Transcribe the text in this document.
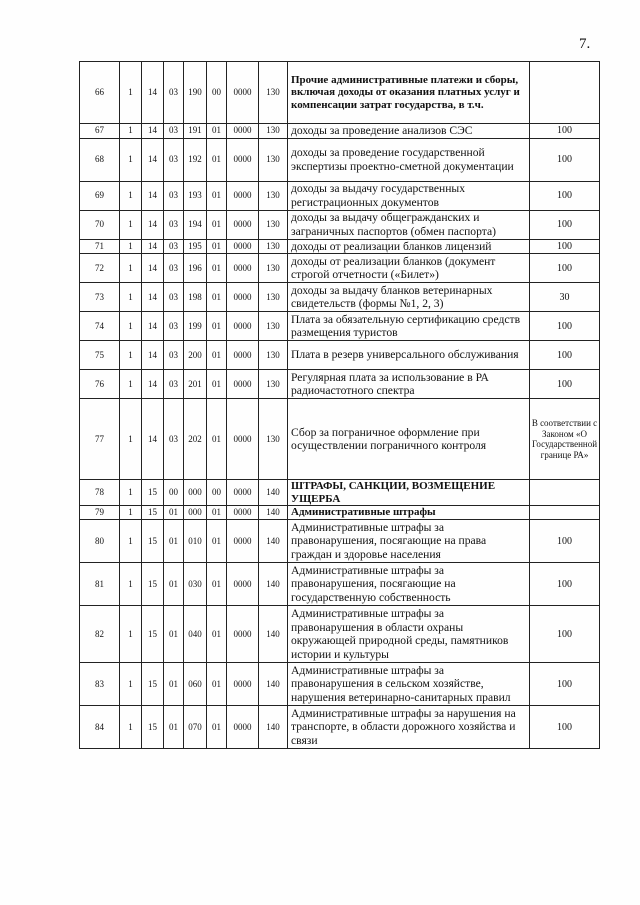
7.
66	1	14	03	190	00	0000	130	Прочие административные платежи и сборы, включая доходы от оказания платных услуг и компенсации затрат государства, в т.ч.	
67	1	14	03	191	01	0000	130	доходы за проведение анализов СЭС	100
68	1	14	03	192	01	0000	130	доходы за проведение государственной экспертизы проектно-сметной документации	100
69	1	14	03	193	01	0000	130	доходы за выдачу государственных регистрационных документов	100
70	1	14	03	194	01	0000	130	доходы за выдачу общегражданских и заграничных паспортов (обмен паспорта)	100
71	1	14	03	195	01	0000	130	доходы от реализации бланков лицензий	100
72	1	14	03	196	01	0000	130	доходы от реализации бланков (документ строгой отчетности («Билет»)	100
73	1	14	03	198	01	0000	130	доходы за выдачу бланков ветеринарных свидетельств (формы №1, 2, 3)	30
74	1	14	03	199	01	0000	130	Плата за обязательную сертификацию средств размещения туристов	100
75	1	14	03	200	01	0000	130	Плата в резерв универсального обслуживания	100
76	1	14	03	201	01	0000	130	Регулярная плата за использование в РА радиочастотного спектра	100
77	1	14	03	202	01	0000	130	Сбор за пограничное оформление при осуществлении пограничного контроля	В соответствии с Законом «О Государственной границе РА»
78	1	15	00	000	00	0000	140	ШТРАФЫ, САНКЦИИ, ВОЗМЕЩЕНИЕ УЩЕРБА	
79	1	15	01	000	01	0000	140	Административные штрафы	
80	1	15	01	010	01	0000	140	Административные штрафы за правонарушения, посягающие на права граждан и здоровье населения	100
81	1	15	01	030	01	0000	140	Административные штрафы за правонарушения, посягающие на государственную собственность	100
82	1	15	01	040	01	0000	140	Административные штрафы за правонарушения в области охраны окружающей природной среды, памятников истории и культуры	100
83	1	15	01	060	01	0000	140	Административные штрафы за правонарушения в сельском хозяйстве, нарушения ветеринарно-санитарных правил	100
84	1	15	01	070	01	0000	140	Административные штрафы за нарушения на транспорте, в области дорожного хозяйства и связи	100
